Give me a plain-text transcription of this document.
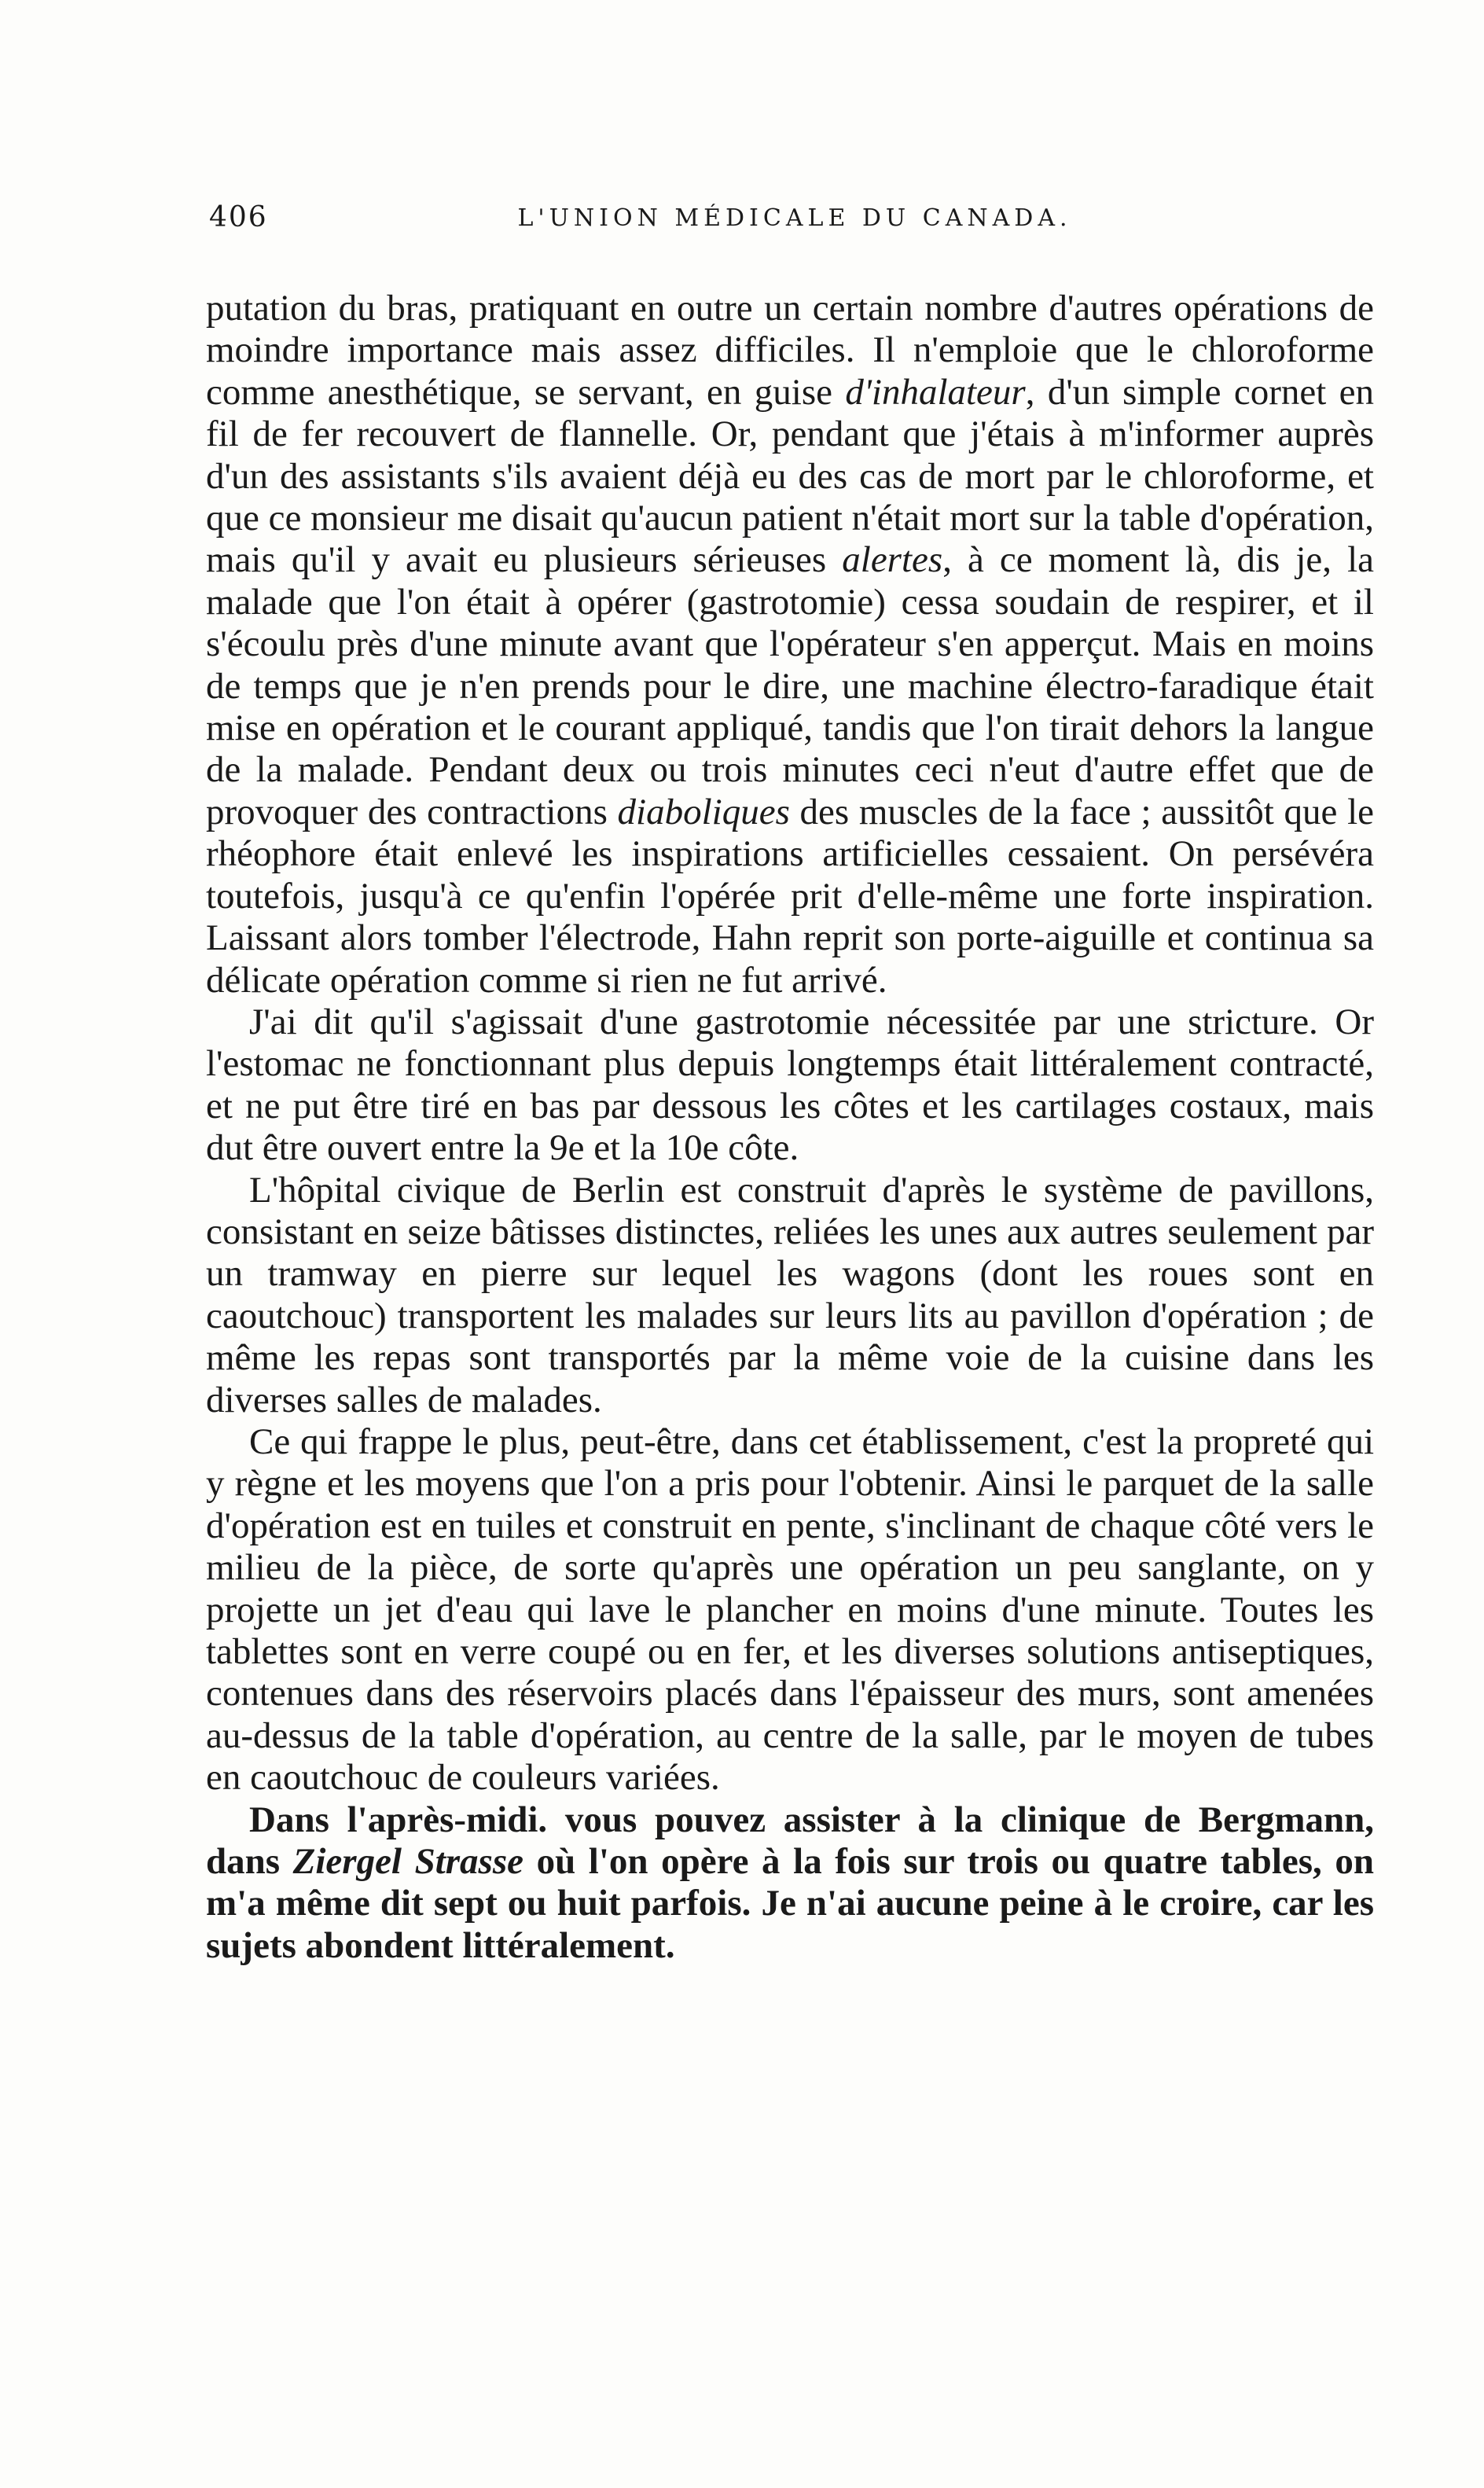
406	L'UNION MÉDICALE DU CANADA.

putation du bras, pratiquant en outre un certain nombre d'autres opérations de moindre importance mais assez difficiles. Il n'emploie que le chloroforme comme anesthétique, se servant, en guise d'inhalateur, d'un simple cornet en fil de fer recouvert de flannelle. Or, pendant que j'étais à m'informer auprès d'un des assistants s'ils avaient déjà eu des cas de mort par le chloroforme, et que ce monsieur me disait qu'aucun patient n'était mort sur la table d'opération, mais qu'il y avait eu plusieurs sérieuses alertes, à ce moment là, dis je, la malade que l'on était à opérer (gastrotomie) cessa soudain de respirer, et il s'écoulu près d'une minute avant que l'opérateur s'en apperçut. Mais en moins de temps que je n'en prends pour le dire, une machine électro-faradique était mise en opération et le courant appliqué, tandis que l'on tirait dehors la langue de la malade. Pendant deux ou trois minutes ceci n'eut d'autre effet que de provoquer des contractions diaboliques des muscles de la face ; aussitôt que le rhéophore était enlevé les inspirations artificielles cessaient. On persévéra toutefois, jusqu'à ce qu'enfin l'opérée prit d'elle-même une forte inspiration. Laissant alors tomber l'électrode, Hahn reprit son porte-aiguille et continua sa délicate opération comme si rien ne fut arrivé.

J'ai dit qu'il s'agissait d'une gastrotomie nécessitée par une stricture. Or l'estomac ne fonctionnant plus depuis longtemps était littéralement contracté, et ne put être tiré en bas par dessous les côtes et les cartilages costaux, mais dut être ouvert entre la 9e et la 10e côte.

L'hôpital civique de Berlin est construit d'après le système de pavillons, consistant en seize bâtisses distinctes, reliées les unes aux autres seulement par un tramway en pierre sur lequel les wagons (dont les roues sont en caoutchouc) transportent les malades sur leurs lits au pavillon d'opération ; de même les repas sont transportés par la même voie de la cuisine dans les diverses salles de malades.

Ce qui frappe le plus, peut-être, dans cet établissement, c'est la propreté qui y règne et les moyens que l'on a pris pour l'obtenir. Ainsi le parquet de la salle d'opération est en tuiles et construit en pente, s'inclinant de chaque côté vers le milieu de la pièce, de sorte qu'après une opération un peu sanglante, on y projette un jet d'eau qui lave le plancher en moins d'une minute. Toutes les tablettes sont en verre coupé ou en fer, et les diverses solutions antiseptiques, contenues dans des réservoirs placés dans l'épaisseur des murs, sont amenées au-dessus de la table d'opération, au centre de la salle, par le moyen de tubes en caoutchouc de couleurs variées.

Dans l'après-midi. vous pouvez assister à la clinique de Bergmann, dans Ziergel Strasse où l'on opère à la fois sur trois ou quatre tables, on m'a même dit sept ou huit parfois. Je n'ai aucune peine à le croire, car les sujets abondent littéralement.
